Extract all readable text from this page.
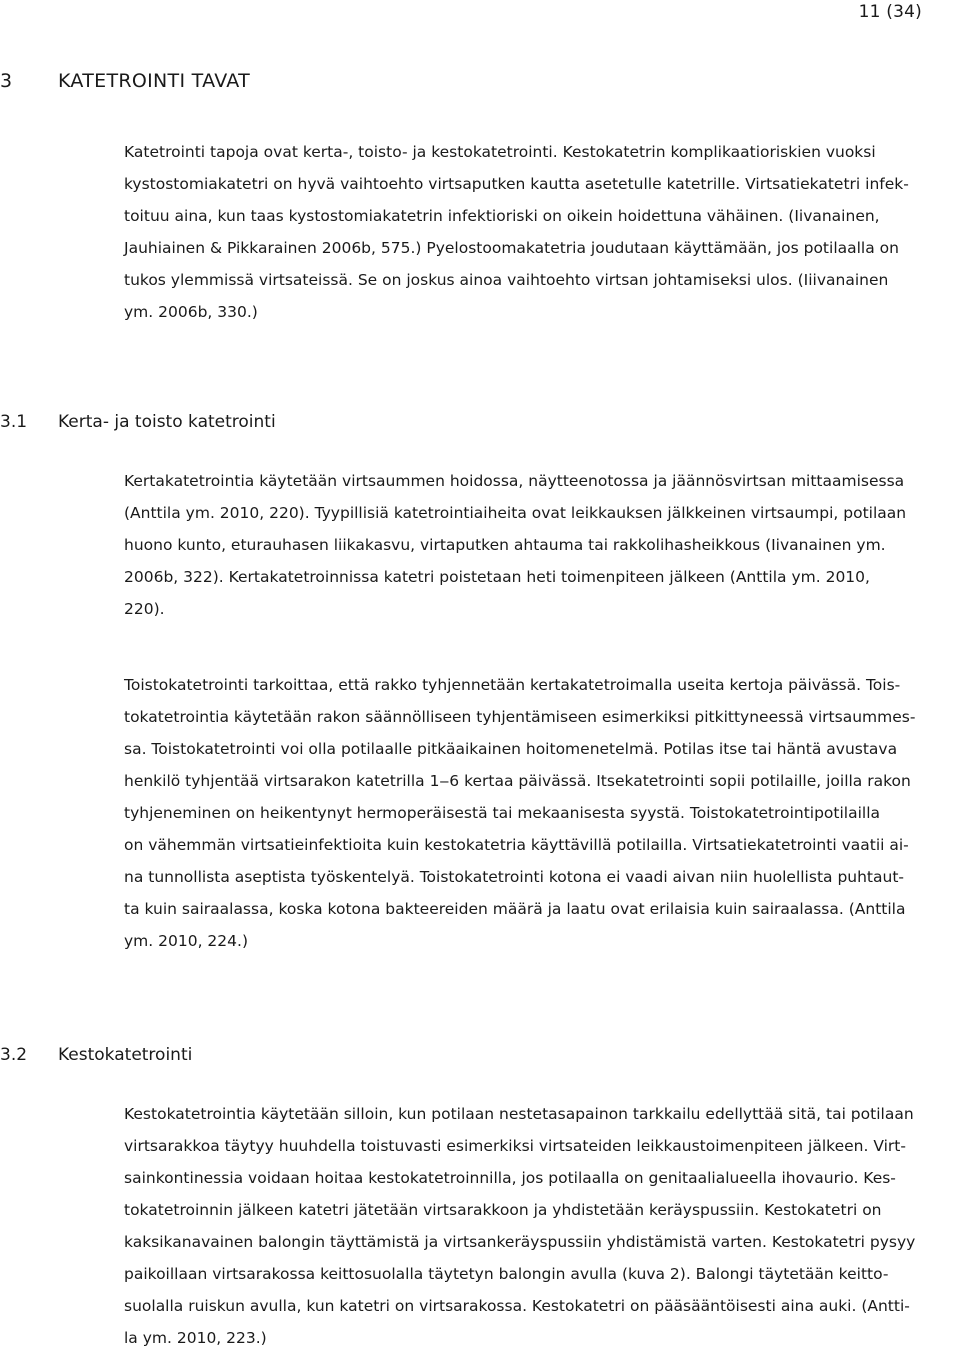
11 (34)
3 KATETROINTI TAVAT
Katetrointi tapoja ovat kerta-, toisto- ja kestokatetrointi. Kestokatetrin komplikaatioriskien vuoksi
kystostomiakatetri on hyvä vaihtoehto virtsaputken kautta asetetulle katetrille. Virtsatiekatetri infek-
toituu aina, kun taas kystostomiakatetrin infektioriski on oikein hoidettuna vähäinen. (Iivanainen,
Jauhiainen & Pikkarainen 2006b, 575.) Pyelostoomakatetria joudutaan käyttämään, jos potilaalla on
tukos ylemmissä virtsateissä. Se on joskus ainoa vaihtoehto virtsan johtamiseksi ulos. (Iiivanainen
ym. 2006b, 330.)
3.1 Kerta- ja toisto katetrointi
Kertakatetrointia käytetään virtsaummen hoidossa, näytteenotossa ja jäännösvirtsan mittaamisessa
(Anttila ym. 2010, 220). Tyypillisiä katetrointiaiheita ovat leikkauksen jälkkeinen virtsaumpi, potilaan
huono kunto, eturauhasen liikakasvu, virtaputken ahtauma tai rakkolihasheikkous (Iivanainen ym.
2006b, 322). Kertakatetroinnissa katetri poistetaan heti toimenpiteen jälkeen (Anttila ym. 2010,
220).
Toistokatetrointi tarkoittaa, että rakko tyhjennetään kertakatetroimalla useita kertoja päivässä. Tois-
tokatetrointia käytetään rakon säännölliseen tyhjentämiseen esimerkiksi pitkittyneessä virtsaummes-
sa. Toistokatetrointi voi olla potilaalle pitkäaikainen hoitomenetelmä. Potilas itse tai häntä avustava
henkilö tyhjentää virtsarakon katetrilla 1‒6 kertaa päivässä. Itsekatetrointi sopii potilaille, joilla rakon
tyhjeneminen on heikentynyt hermoperäisestä tai mekaanisesta syystä. Toistokatetrointipotilailla
on vähemmän virtsatieinfektioita kuin kestokatetria käyttävillä potilailla. Virtsatiekatetrointi vaatii ai-
na tunnollista aseptista työskentelyä. Toistokatetrointi kotona ei vaadi aivan niin huolellista puhtaut-
ta kuin sairaalassa, koska kotona bakteereiden määrä ja laatu ovat erilaisia kuin sairaalassa. (Anttila
ym. 2010, 224.)
3.2 Kestokatetrointi
Kestokatetrointia käytetään silloin, kun potilaan nestetasapainon tarkkailu edellyttää sitä, tai potilaan
virtsarakkoa täytyy huuhdella toistuvasti esimerkiksi virtsateiden leikkaustoimenpiteen jälkeen. Virt-
sainkontinessia voidaan hoitaa kestokatetroinnilla, jos potilaalla on genitaalialueella ihovaurio. Kes-
tokatetroinnin jälkeen katetri jätetään virtsarakkoon ja yhdistetään keräyspussiin. Kestokatetri on
kaksikanavainen balongin täyttämistä ja virtsankeräyspussiin yhdistämistä varten. Kestokatetri pysyy
paikoillaan virtsarakossa keittosuolalla täytetyn balongin avulla (kuva 2). Balongi täytetään keitto-
suolalla ruiskun avulla, kun katetri on virtsarakossa. Kestokatetri on pääsääntöisesti aina auki. (Antti-
la ym. 2010, 223.)
